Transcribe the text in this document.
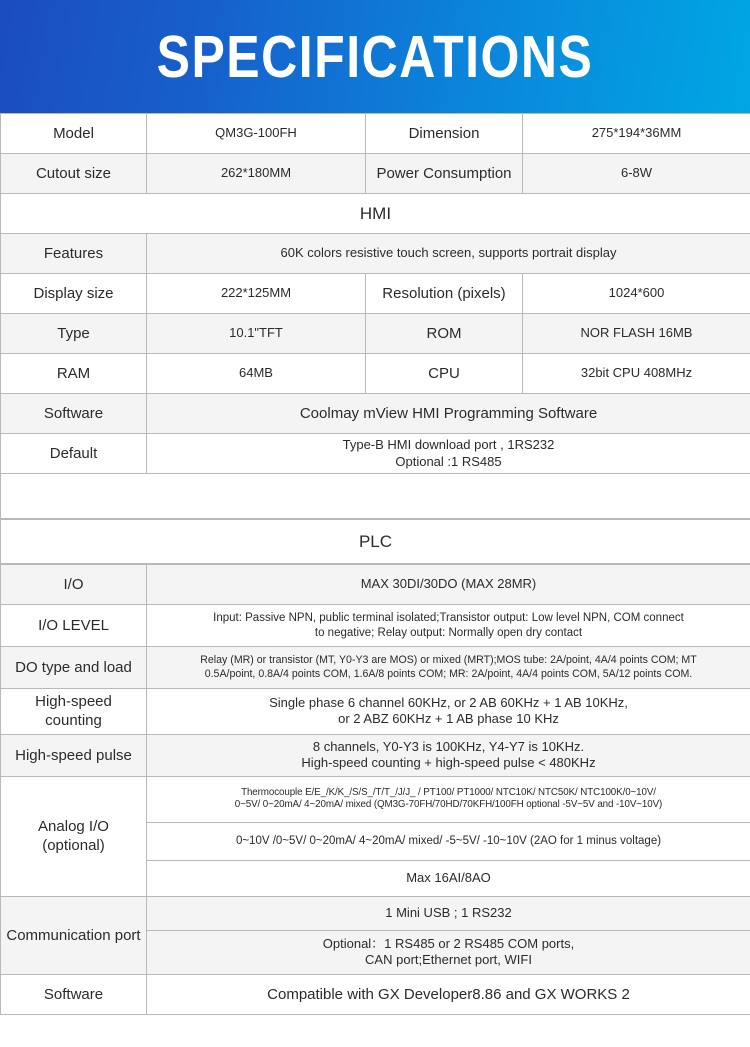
SPECIFICATIONS
Model	QM3G-100FH	Dimension	275*194*36MM
Cutout size	262*180MM	Power Consumption	6-8W
HMI			
Features	60K colors resistive touch screen, supports portrait display		
Display size	222*125MM	Resolution (pixels)	1024*600
Type	10.1"TFT	ROM	NOR FLASH 16MB
RAM	64MB	CPU	32bit CPU 408MHz
Software	Coolmay mView HMI Programming Software		
Default	Type-B HMI download port , 1RS232
Optional :1 RS485		

PLC
I/O	MAX 30DI/30DO (MAX 28MR)
I/O LEVEL	Input: Passive NPN, public terminal isolated;Transistor output: Low level NPN, COM connect
to negative; Relay output: Normally open dry contact
DO type and load	Relay (MR) or transistor (MT, Y0-Y3 are MOS) or mixed (MRT);MOS tube: 2A/point, 4A/4 points COM; MT
0.5A/point, 0.8A/4 points COM, 1.6A/8 points COM; MR: 2A/point, 4A/4 points COM, 5A/12 points COM.
High-speed counting	Single phase 6 channel 60KHz, or 2 AB 60KHz + 1 AB 10KHz,
or 2 ABZ 60KHz + 1 AB phase 10 KHz
High-speed pulse	8 channels, Y0-Y3 is 100KHz, Y4-Y7 is 10KHz.
High-speed counting + high-speed pulse < 480KHz
Analog I/O (optional)	Thermocouple E/E_/K/K_/S/S_/T/T_/J/J_ / PT100/ PT1000/ NTC10K/ NTC50K/ NTC100K/0~10V/
0~5V/ 0~20mA/ 4~20mA/ mixed (QM3G-70FH/70HD/70KFH/100FH optional -5V~5V and -10V~10V)
	0~10V /0~5V/ 0~20mA/ 4~20mA/ mixed/ -5~5V/ -10~10V (2AO for 1 minus voltage)
	Max 16AI/8AO
Communication port	1 Mini USB ; 1 RS232
	Optional：1 RS485 or 2 RS485 COM ports,
CAN port;Ethernet port, WIFI
Software	Compatible with GX Developer8.86 and GX WORKS 2
